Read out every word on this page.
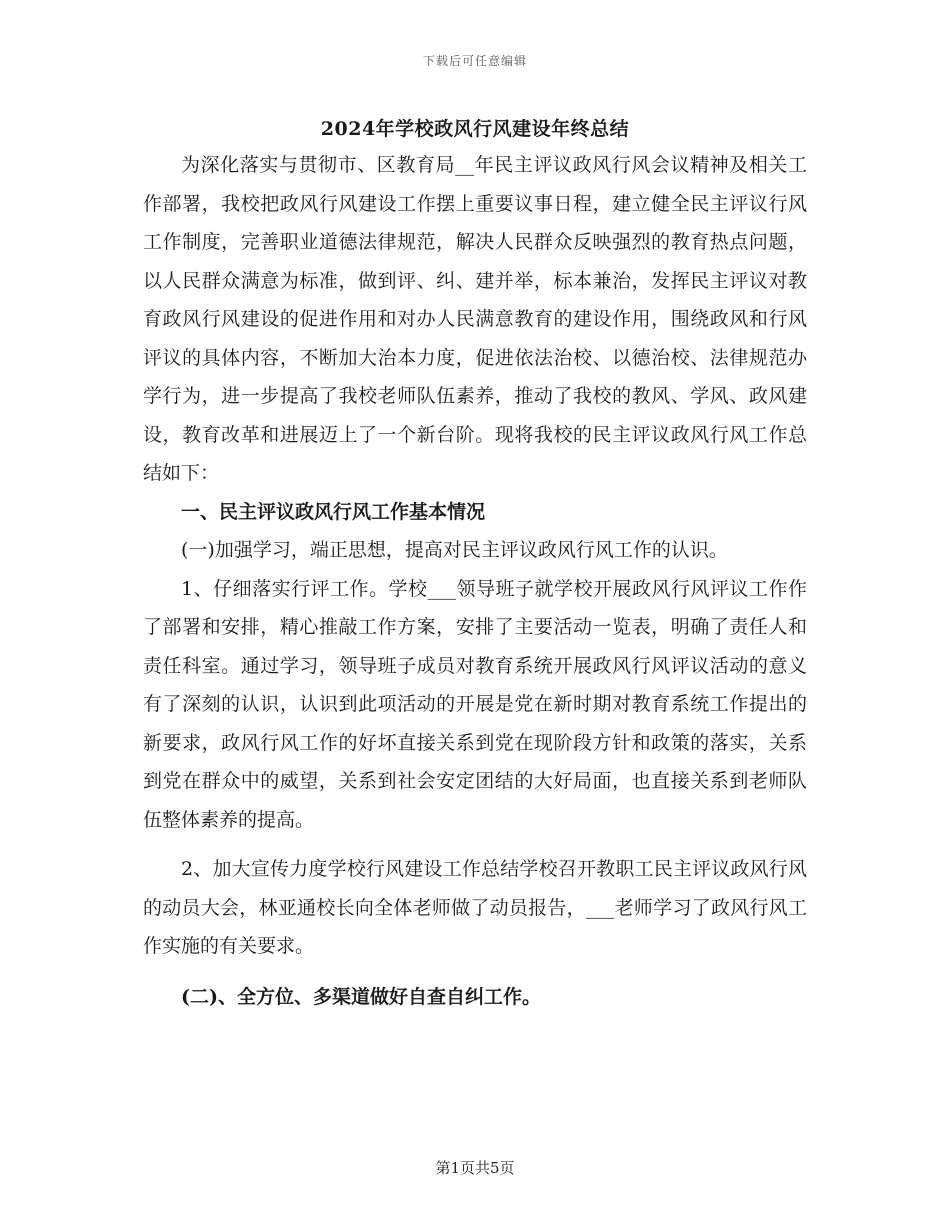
下载后可任意编辑
2024年学校政风行风建设年终总结

为深化落实与贯彻市、区教育局__年民主评议政风行风会议精神及相关工作部署，我校把政风行风建设工作摆上重要议事日程，建立健全民主评议行风工作制度，完善职业道德法律规范，解决人民群众反映强烈的教育热点问题，以人民群众满意为标准，做到评、纠、建并举，标本兼治，发挥民主评议对教育政风行风建设的促进作用和对办人民满意教育的建设作用，围绕政风和行风评议的具体内容，不断加大治本力度，促进依法治校、以德治校、法律规范办学行为，进一步提高了我校老师队伍素养，推动了我校的教风、学风、政风建设，教育改革和进展迈上了一个新台阶。现将我校的民主评议政风行风工作总结如下：

一、民主评议政风行风工作基本情况

(一)加强学习，端正思想，提高对民主评议政风行风工作的认识。

1、仔细落实行评工作。学校___领导班子就学校开展政风行风评议工作作了部署和安排，精心推敲工作方案，安排了主要活动一览表，明确了责任人和责任科室。通过学习，领导班子成员对教育系统开展政风行风评议活动的意义有了深刻的认识，认识到此项活动的开展是党在新时期对教育系统工作提出的新要求，政风行风工作的好坏直接关系到党在现阶段方针和政策的落实，关系到党在群众中的威望，关系到社会安定团结的大好局面，也直接关系到老师队伍整体素养的提高。

2、加大宣传力度学校行风建设工作总结学校召开教职工民主评议政风行风的动员大会，林亚通校长向全体老师做了动员报告，___老师学习了政风行风工作实施的有关要求。

(二)、全方位、多渠道做好自查自纠工作。

第1页共5页
